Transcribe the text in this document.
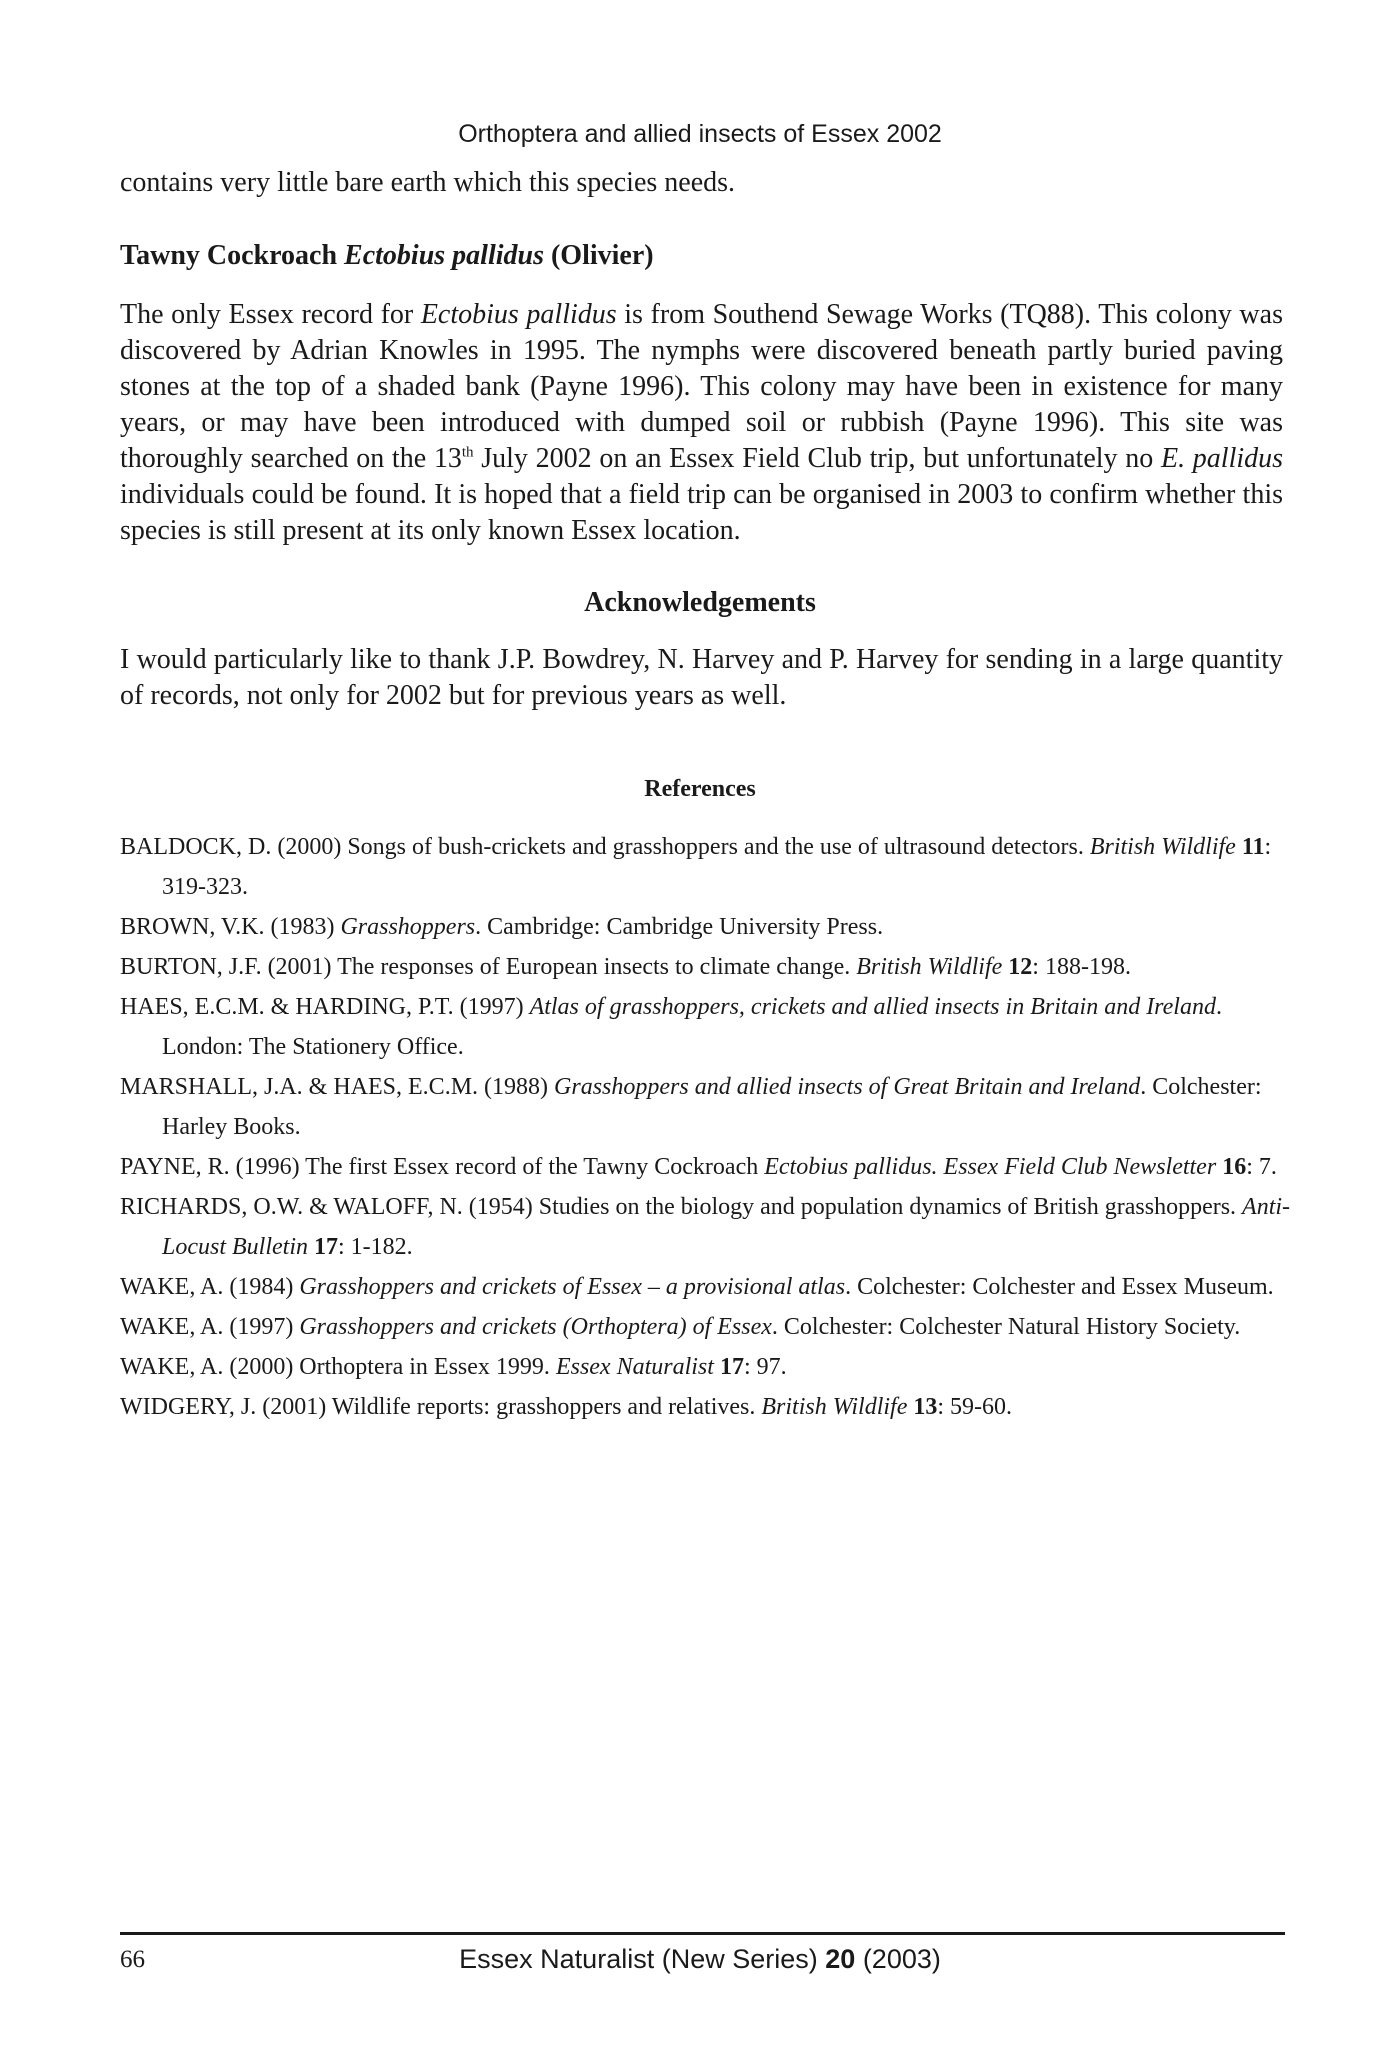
Orthoptera and allied insects of Essex 2002
contains very little bare earth which this species needs.
Tawny Cockroach Ectobius pallidus (Olivier)
The only Essex record for Ectobius pallidus is from Southend Sewage Works (TQ88). This colony was discovered by Adrian Knowles in 1995. The nymphs were discovered beneath partly buried paving stones at the top of a shaded bank (Payne 1996). This colony may have been in existence for many years, or may have been introduced with dumped soil or rubbish (Payne 1996). This site was thoroughly searched on the 13th July 2002 on an Essex Field Club trip, but unfortunately no E. pallidus individuals could be found. It is hoped that a field trip can be organised in 2003 to confirm whether this species is still present at its only known Essex location.
Acknowledgements
I would particularly like to thank J.P. Bowdrey, N. Harvey and P. Harvey for sending in a large quantity of records, not only for 2002 but for previous years as well.
References
BALDOCK, D. (2000) Songs of bush-crickets and grasshoppers and the use of ultrasound detectors. British Wildlife 11: 319-323.
BROWN, V.K. (1983) Grasshoppers. Cambridge: Cambridge University Press.
BURTON, J.F. (2001) The responses of European insects to climate change. British Wildlife 12: 188-198.
HAES, E.C.M. & HARDING, P.T. (1997) Atlas of grasshoppers, crickets and allied insects in Britain and Ireland. London: The Stationery Office.
MARSHALL, J.A. & HAES, E.C.M. (1988) Grasshoppers and allied insects of Great Britain and Ireland. Colchester: Harley Books.
PAYNE, R. (1996) The first Essex record of the Tawny Cockroach Ectobius pallidus. Essex Field Club Newsletter 16: 7.
RICHARDS, O.W. & WALOFF, N. (1954) Studies on the biology and population dynamics of British grasshoppers. Anti-Locust Bulletin 17: 1-182.
WAKE, A. (1984) Grasshoppers and crickets of Essex – a provisional atlas. Colchester: Colchester and Essex Museum.
WAKE, A. (1997) Grasshoppers and crickets (Orthoptera) of Essex. Colchester: Colchester Natural History Society.
WAKE, A. (2000) Orthoptera in Essex 1999. Essex Naturalist 17: 97.
WIDGERY, J. (2001) Wildlife reports: grasshoppers and relatives. British Wildlife 13: 59-60.
66	Essex Naturalist (New Series) 20 (2003)
